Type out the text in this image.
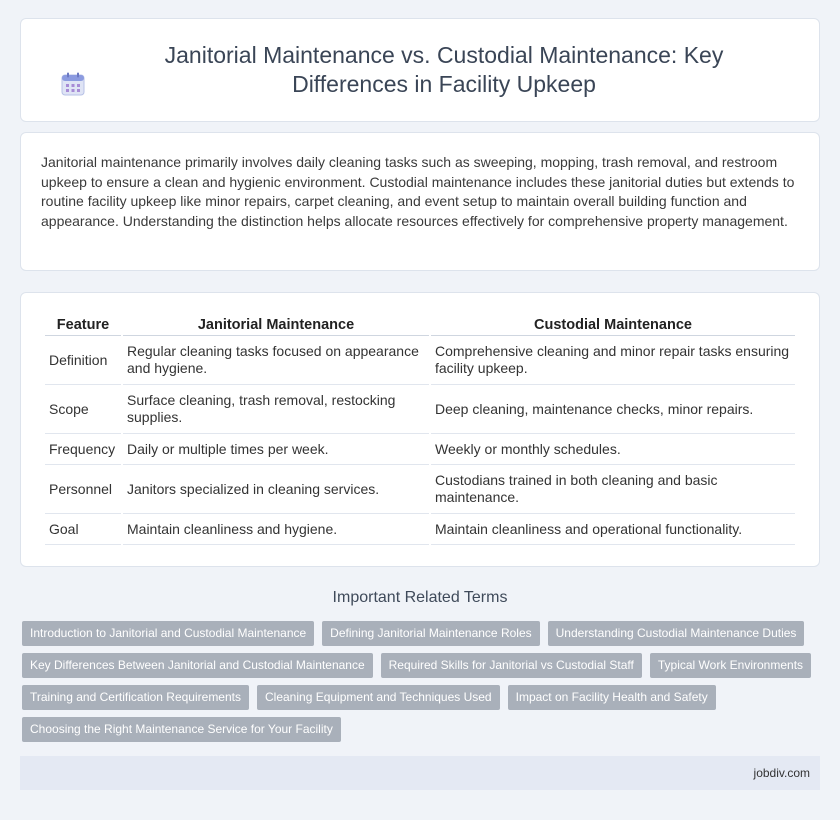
Janitorial Maintenance vs. Custodial Maintenance: Key Differences in Facility Upkeep

Janitorial maintenance primarily involves daily cleaning tasks such as sweeping, mopping, trash removal, and restroom upkeep to ensure a clean and hygienic environment. Custodial maintenance includes these janitorial duties but extends to routine facility upkeep like minor repairs, carpet cleaning, and event setup to maintain overall building function and appearance. Understanding the distinction helps allocate resources effectively for comprehensive property management.

Feature	Janitorial Maintenance	Custodial Maintenance
Definition	Regular cleaning tasks focused on appearance and hygiene.	Comprehensive cleaning and minor repair tasks ensuring facility upkeep.
Scope	Surface cleaning, trash removal, restocking supplies.	Deep cleaning, maintenance checks, minor repairs.
Frequency	Daily or multiple times per week.	Weekly or monthly schedules.
Personnel	Janitors specialized in cleaning services.	Custodians trained in both cleaning and basic maintenance.
Goal	Maintain cleanliness and hygiene.	Maintain cleanliness and operational functionality.
Important Related Terms
Introduction to Janitorial and Custodial Maintenance	Defining Janitorial Maintenance Roles	Understanding Custodial Maintenance Duties
Key Differences Between Janitorial and Custodial Maintenance	Required Skills for Janitorial vs Custodial Staff	Typical Work Environments
Training and Certification Requirements	Cleaning Equipment and Techniques Used	Impact on Facility Health and Safety
Choosing the Right Maintenance Service for Your Facility
jobdiv.com
